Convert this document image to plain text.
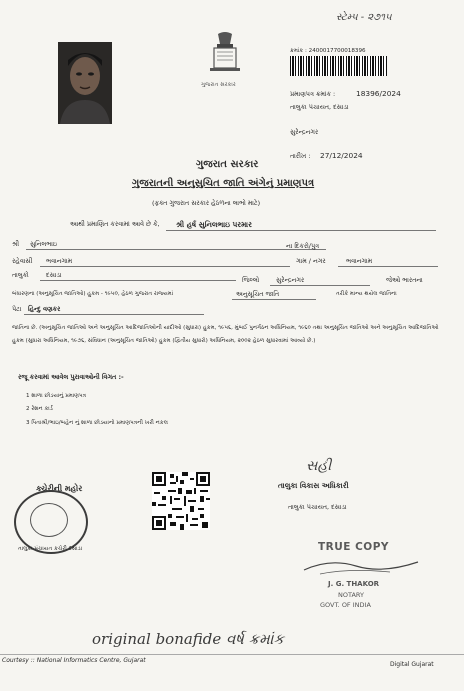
સ્ટેમ્પ - ૨૭૧૫
ગુજરાત સરકાર
ક્રમાંક : 2400017700018396
પ્રમાણપત્ર ક્રમાંક :	18396/2024
તાલુકા પંચાયત, દસાડા
સુરેન્દ્રનગર
તારીખ : 27/12/2024
ગુજરાત સરકાર
ગુજરાતની અનુસુચિત જાતિ અંગેનું પ્રમાણપત્ર
(ફક્ત ગુજરાત સરકાર હેઠળના લાભો માટે)
આથી પ્રમાણિત કરવામાં આવે છે કે, શ્રી હર્ષ સુનિલભાઇ પરમાર
શ્રી સુનિલભાઇ	ના દિકરો/પુત્ર
રહેવાસી ભવાનગામ	ગામ / નગર	ભવાનગામ
તાલુકો	દસાડા
જિલ્લો	સુરેન્દ્રનગર	જેઓ ભારતના
બંધારણના (અનુસૂચિત જાતિઓ) હુકમ - ૧૯૫૦, હેઠળ ગુજરાત રાજ્યમાં	અનુસૂચિત જાતિ	તરીકે માન્ય થયેલ જાતિના
પેટા હિન્દુ વણકર
જાતિના છે. (અનુસૂચિત જાતિઓ અને અનુસૂચિત આદિજાતિઓની યાદીઓ (સુધારા) હુકમ, ૧૯૫૬, મુંબઈ પુનર્ગઠન અધિનિયમ, ૧૯૬૦ તથા અનુસૂચિત જાતિઓ અને અનુસૂચિત આદિજાતિઓ હુકમ (સુધારા અધિનિયમ, ૧૯૭૬, સંવિધાન (અનુસૂચિત જાતિઓ) હુકમ (દ્વિતીય સુધારો) અધિનિયમ, ૨૦૦૨ હેઠળ સુધારવામાં આવ્યો છે.)
રજૂ કરવામાં આવેલ પુરાવાઓની વિગત :-
1 શાળા છોડયાનું પ્રમાણપત્ર
2 રેશન કાર્ડ
3 પિતાશ્રી/ભાઇ/બહેન નું શાળા છોડયાનો પ્રમાણપત્રની ખરી નકલ
ક્ચેરીની મહોર
તાલુકા પંચાયત કચેરી દસાડા
સહી
તાલુકા વિકાસ અધિકારી
તાલુકા પંચાયત, દસાડા
TRUE COPY
J. G. THAKOR
NOTARY
GOVT. OF INDIA
original bonafide વર્ષ ક્રમાંક
Courtesy :: National Informatics Centre, Gujarat
Digital Gujarat
